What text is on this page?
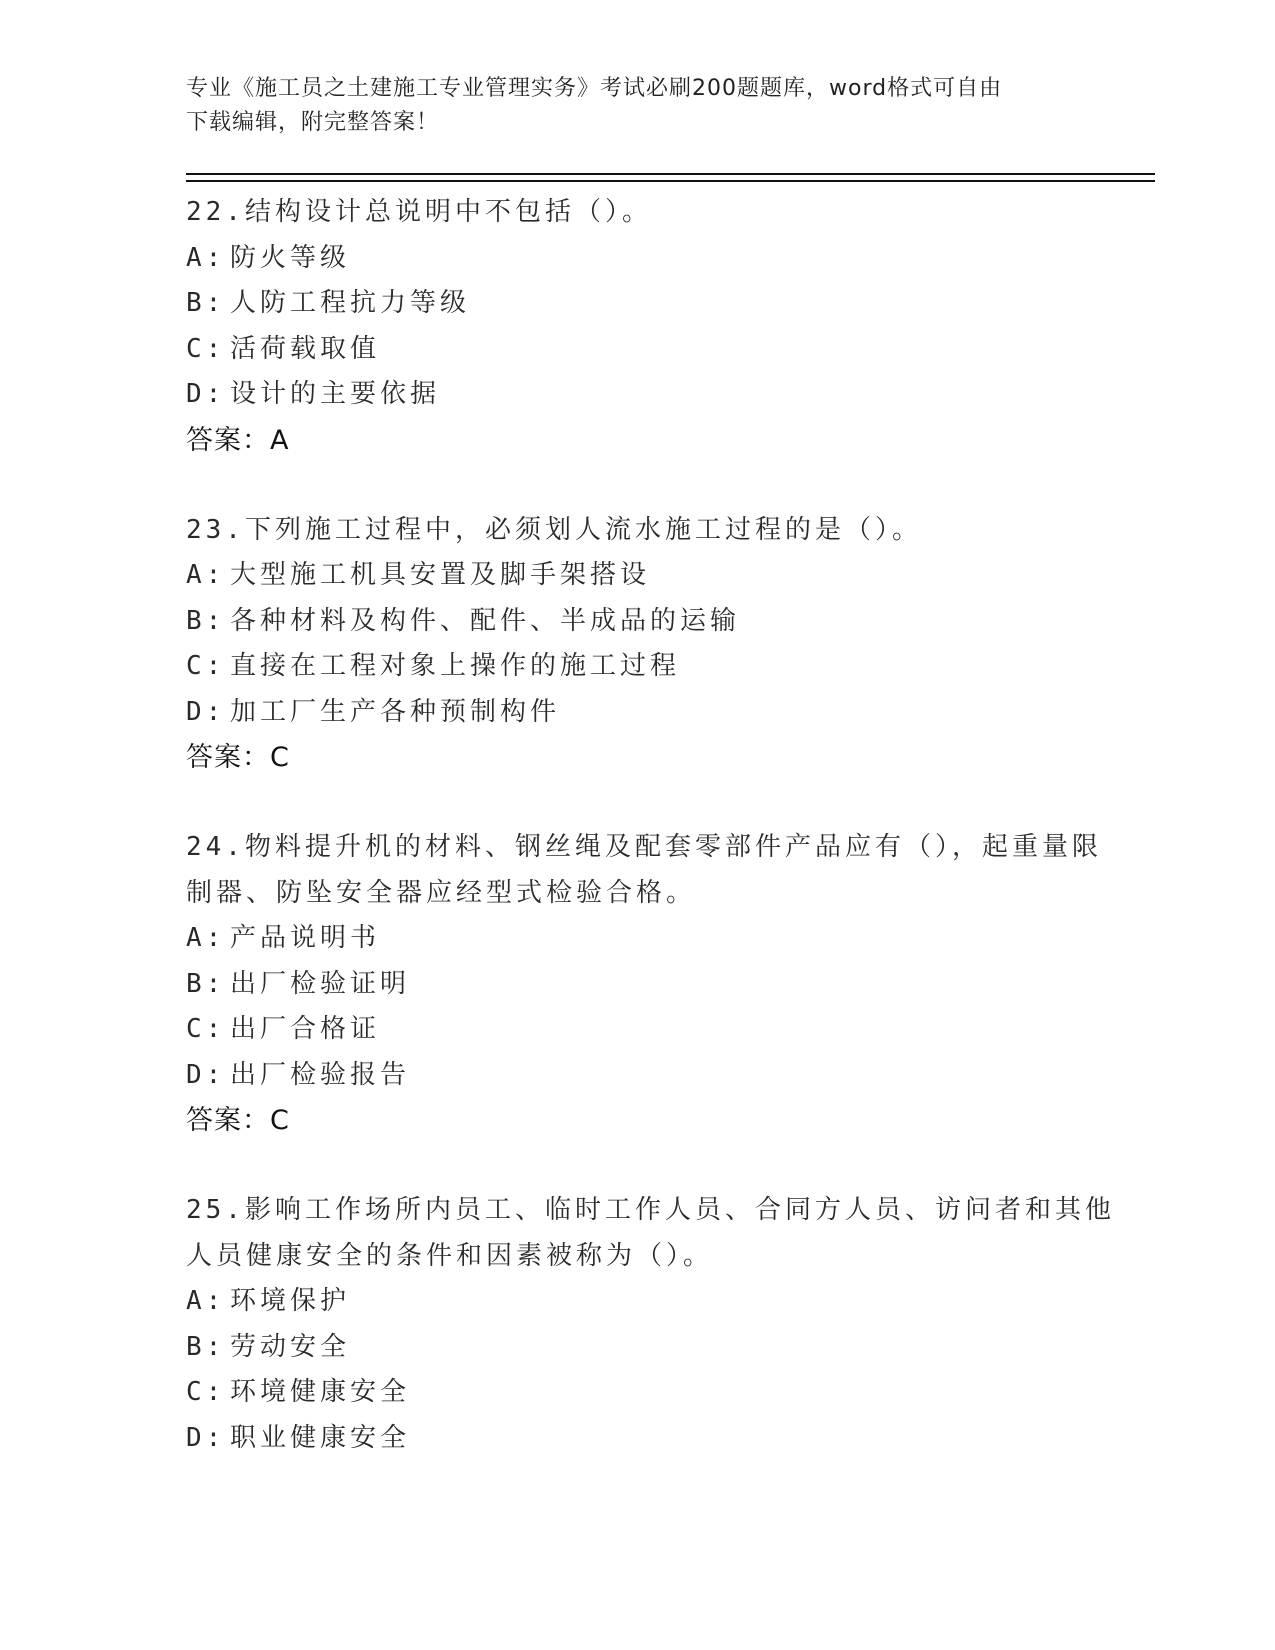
专业《施工员之土建施工专业管理实务》考试必刷200题题库，word格式可自由
下载编辑，附完整答案！
22.结构设计总说明中不包括（）。
A: 防火等级
B: 人防工程抗力等级
C: 活荷载取值
D: 设计的主要依据
答案：A
23.下列施工过程中，必须划人流水施工过程的是（）。
A: 大型施工机具安置及脚手架搭设
B: 各种材料及构件、配件、半成品的运输
C: 直接在工程对象上操作的施工过程
D: 加工厂生产各种预制构件
答案：C
24.物料提升机的材料、钢丝绳及配套零部件产品应有（），起重量限
制器、防坠安全器应经型式检验合格。
A: 产品说明书
B: 出厂检验证明
C: 出厂合格证
D: 出厂检验报告
答案：C
25.影响工作场所内员工、临时工作人员、合同方人员、访问者和其他
人员健康安全的条件和因素被称为（）。
A: 环境保护
B: 劳动安全
C: 环境健康安全
D: 职业健康安全
